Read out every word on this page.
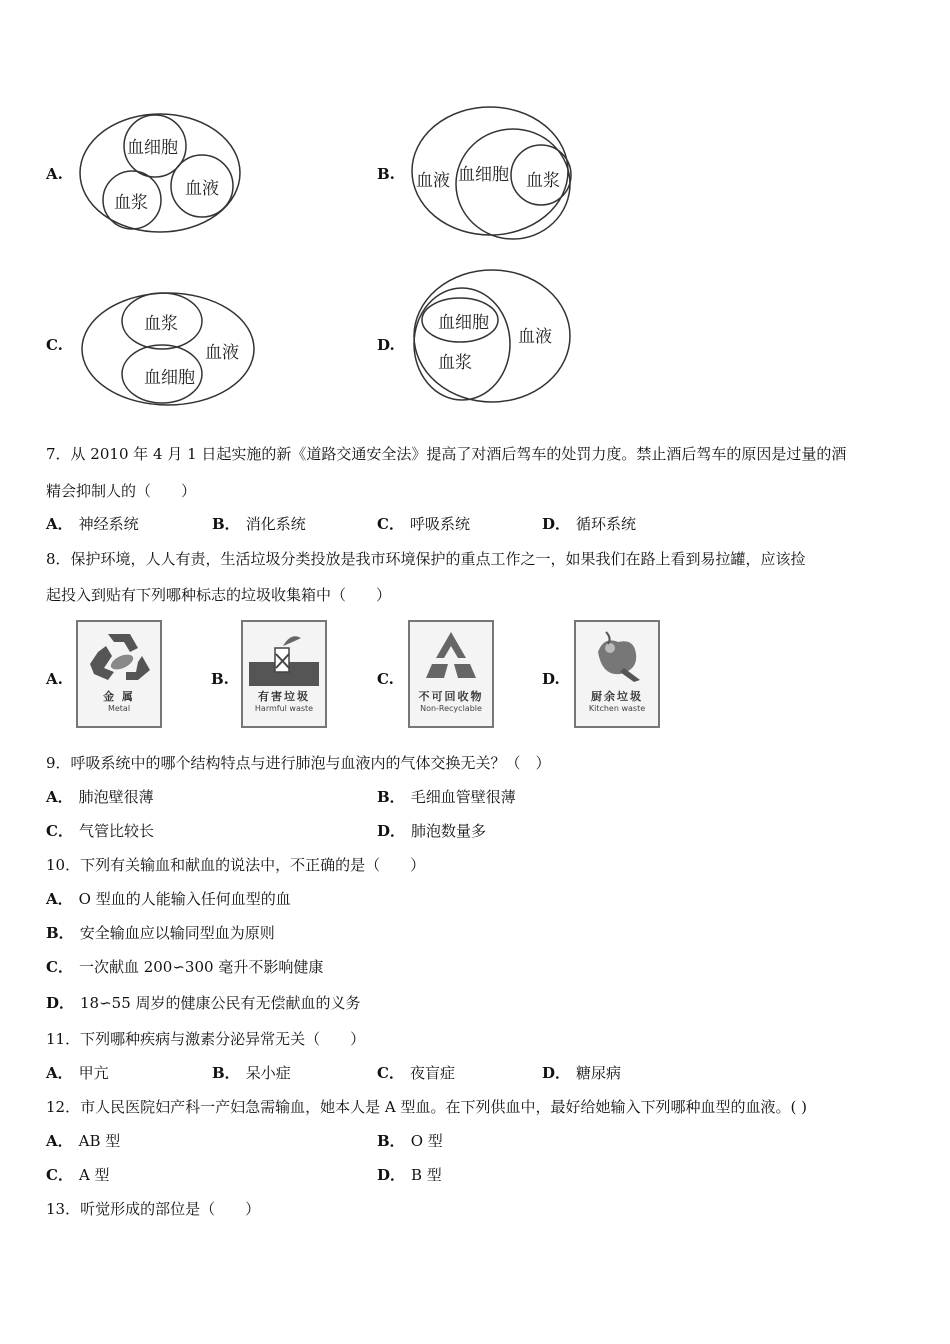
A.
血细胞
血浆
血液
B. 血液 血细胞 血浆
C.
血浆
血细胞
血液	D.
血细胞
血浆
血液
7．从 2010 年 4 月 1 日起实施的新《道路交通安全法》提高了对酒后驾车的处罚力度。禁止酒后驾车的原因是过量的酒
精会抑制人的（　　）
A． 神经系统	B． 消化系统	C． 呼吸系统	D． 循环系统
8．保护环境，人人有责，生活垃圾分类投放是我市环境保护的重点工作之一，如果我们在路上看到易拉罐，应该捡
起投入到贴有下列哪种标志的垃圾收集箱中（　　）
A.
金 属
Metal
B.
有害垃圾
Harmful waste
C.
不可回收物
Non-Recyclable
D.
厨余垃圾
Kitchen waste
9．呼吸系统中的哪个结构特点与进行肺泡与血液内的气体交换无关？（　）
A． 肺泡壁很薄	B． 毛细血管壁很薄
C． 气管比较长	D． 肺泡数量多
10．下列有关输血和献血的说法中，不正确的是（　　）
A． O 型血的人能输入任何血型的血
B． 安全输血应以输同型血为原则
C． 一次献血 200∽300 毫升不影响健康
D． 18∽55 周岁的健康公民有无偿献血的义务
11．下列哪种疾病与激素分泌异常无关（　　）
A． 甲亢	B． 呆小症	C． 夜盲症	D． 糖尿病
12．市人民医院妇产科一产妇急需输血，她本人是 A 型血。在下列供血中，最好给她输入下列哪种血型的血液。( )
A． AB 型	B． O 型
C． A 型	D． B 型
13．听觉形成的部位是（　　）
